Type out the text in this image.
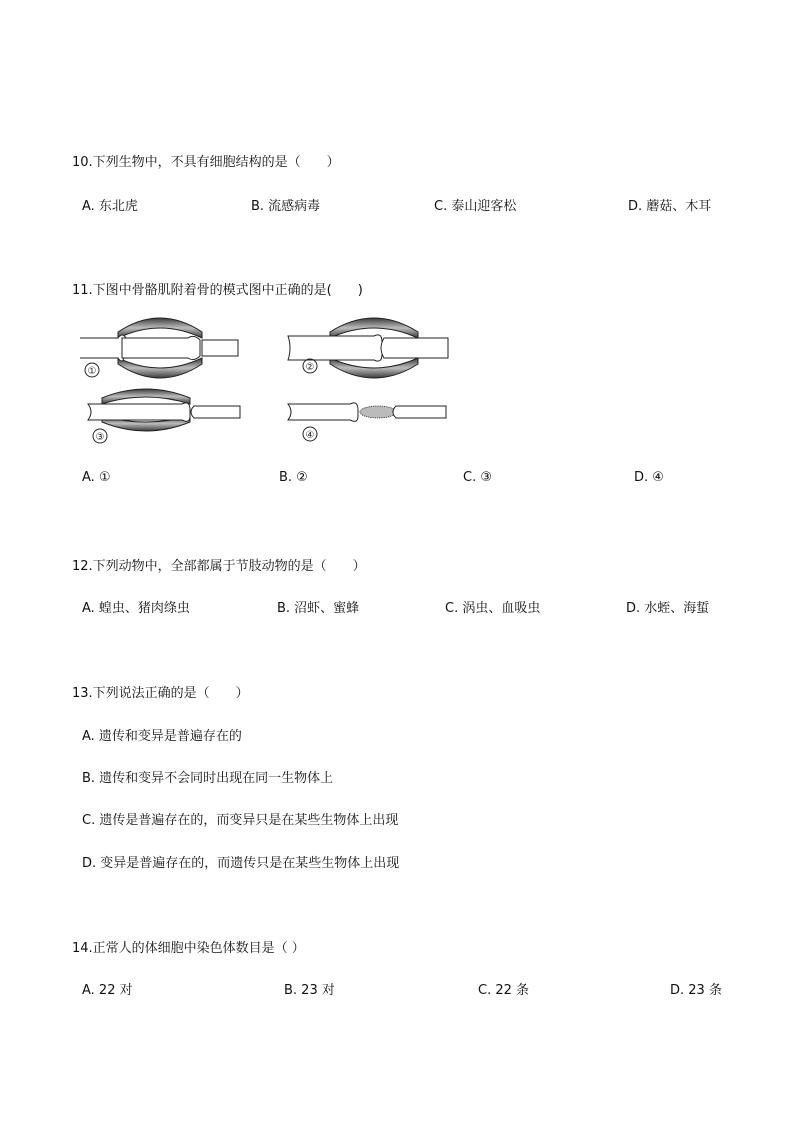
10.下列生物中，不具有细胞结构的是（　　）
A. 东北虎	B. 流感病毒	C. 泰山迎客松	D. 蘑菇、木耳
11.下图中骨骼肌附着骨的模式图中正确的是(　　)
①	②
③	④
A. ①	B. ②	C. ③	D. ④
12.下列动物中，全部都属于节肢动物的是（　　）
A. 蝗虫、猪肉绦虫	B. 沼虾、蜜蜂	C. 涡虫、血吸虫	D. 水蛭、海蜇
13.下列说法正确的是（　　）
A. 遗传和变异是普遍存在的
B. 遗传和变异不会同时出现在同一生物体上
C. 遗传是普遍存在的，而变异只是在某些生物体上出现
D. 变异是普遍存在的，而遗传只是在某些生物体上出现
14.正常人的体细胞中染色体数目是（ ）
A. 22 对	B. 23 对	C. 22 条	D. 23 条
